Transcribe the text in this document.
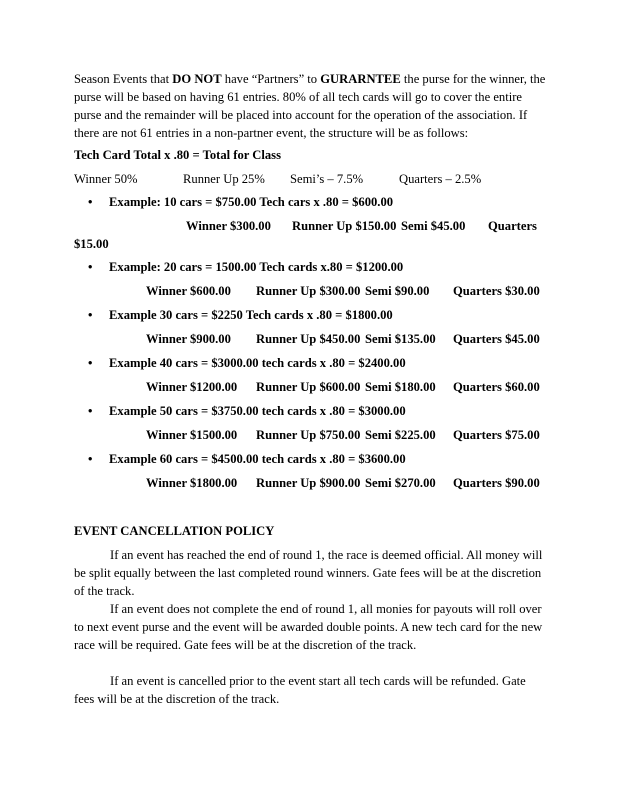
Season Events that DO NOT have “Partners” to GURARNTEE the purse for the winner, the purse will be based on having 61 entries. 80% of all tech cards will go to cover the entire purse and the remainder will be placed into account for the operation of the association. If there are not 61 entries in a non-partner event, the structure will be as follows:

Tech Card Total x .80 = Total for Class
Winner 50%	Runner Up 25% Semi’s – 7.5%	Quarters – 2.5%
• Example: 10 cars = $750.00 Tech cars x .80 = $600.00
Winner $300.00 Runner Up $150.00 Semi $45.00 Quarters
$15.00
• Example: 20 cars = 1500.00 Tech cards x.80 = $1200.00
Winner $600.00 Runner Up $300.00 Semi $90.00 Quarters $30.00
• Example 30 cars = $2250 Tech cards x .80 = $1800.00
Winner $900.00 Runner Up $450.00 Semi $135.00 Quarters $45.00
• Example 40 cars = $3000.00 tech cards x .80 = $2400.00
Winner $1200.00 Runner Up $600.00 Semi $180.00 Quarters $60.00
• Example 50 cars = $3750.00 tech cards x .80 = $3000.00
Winner $1500.00 Runner Up $750.00 Semi $225.00 Quarters $75.00
• Example 60 cars = $4500.00 tech cards x .80 = $3600.00
Winner $1800.00 Runner Up $900.00 Semi $270.00 Quarters $90.00
EVENT CANCELLATION POLICY

If an event has reached the end of round 1, the race is deemed official. All money will be split equally between the last completed round winners. Gate fees will be at the discretion of the track.

If an event does not complete the end of round 1, all monies for payouts will roll over to next event purse and the event will be awarded double points. A new tech card for the new race will be required. Gate fees will be at the discretion of the track.

If an event is cancelled prior to the event start all tech cards will be refunded. Gate fees will be at the discretion of the track.
